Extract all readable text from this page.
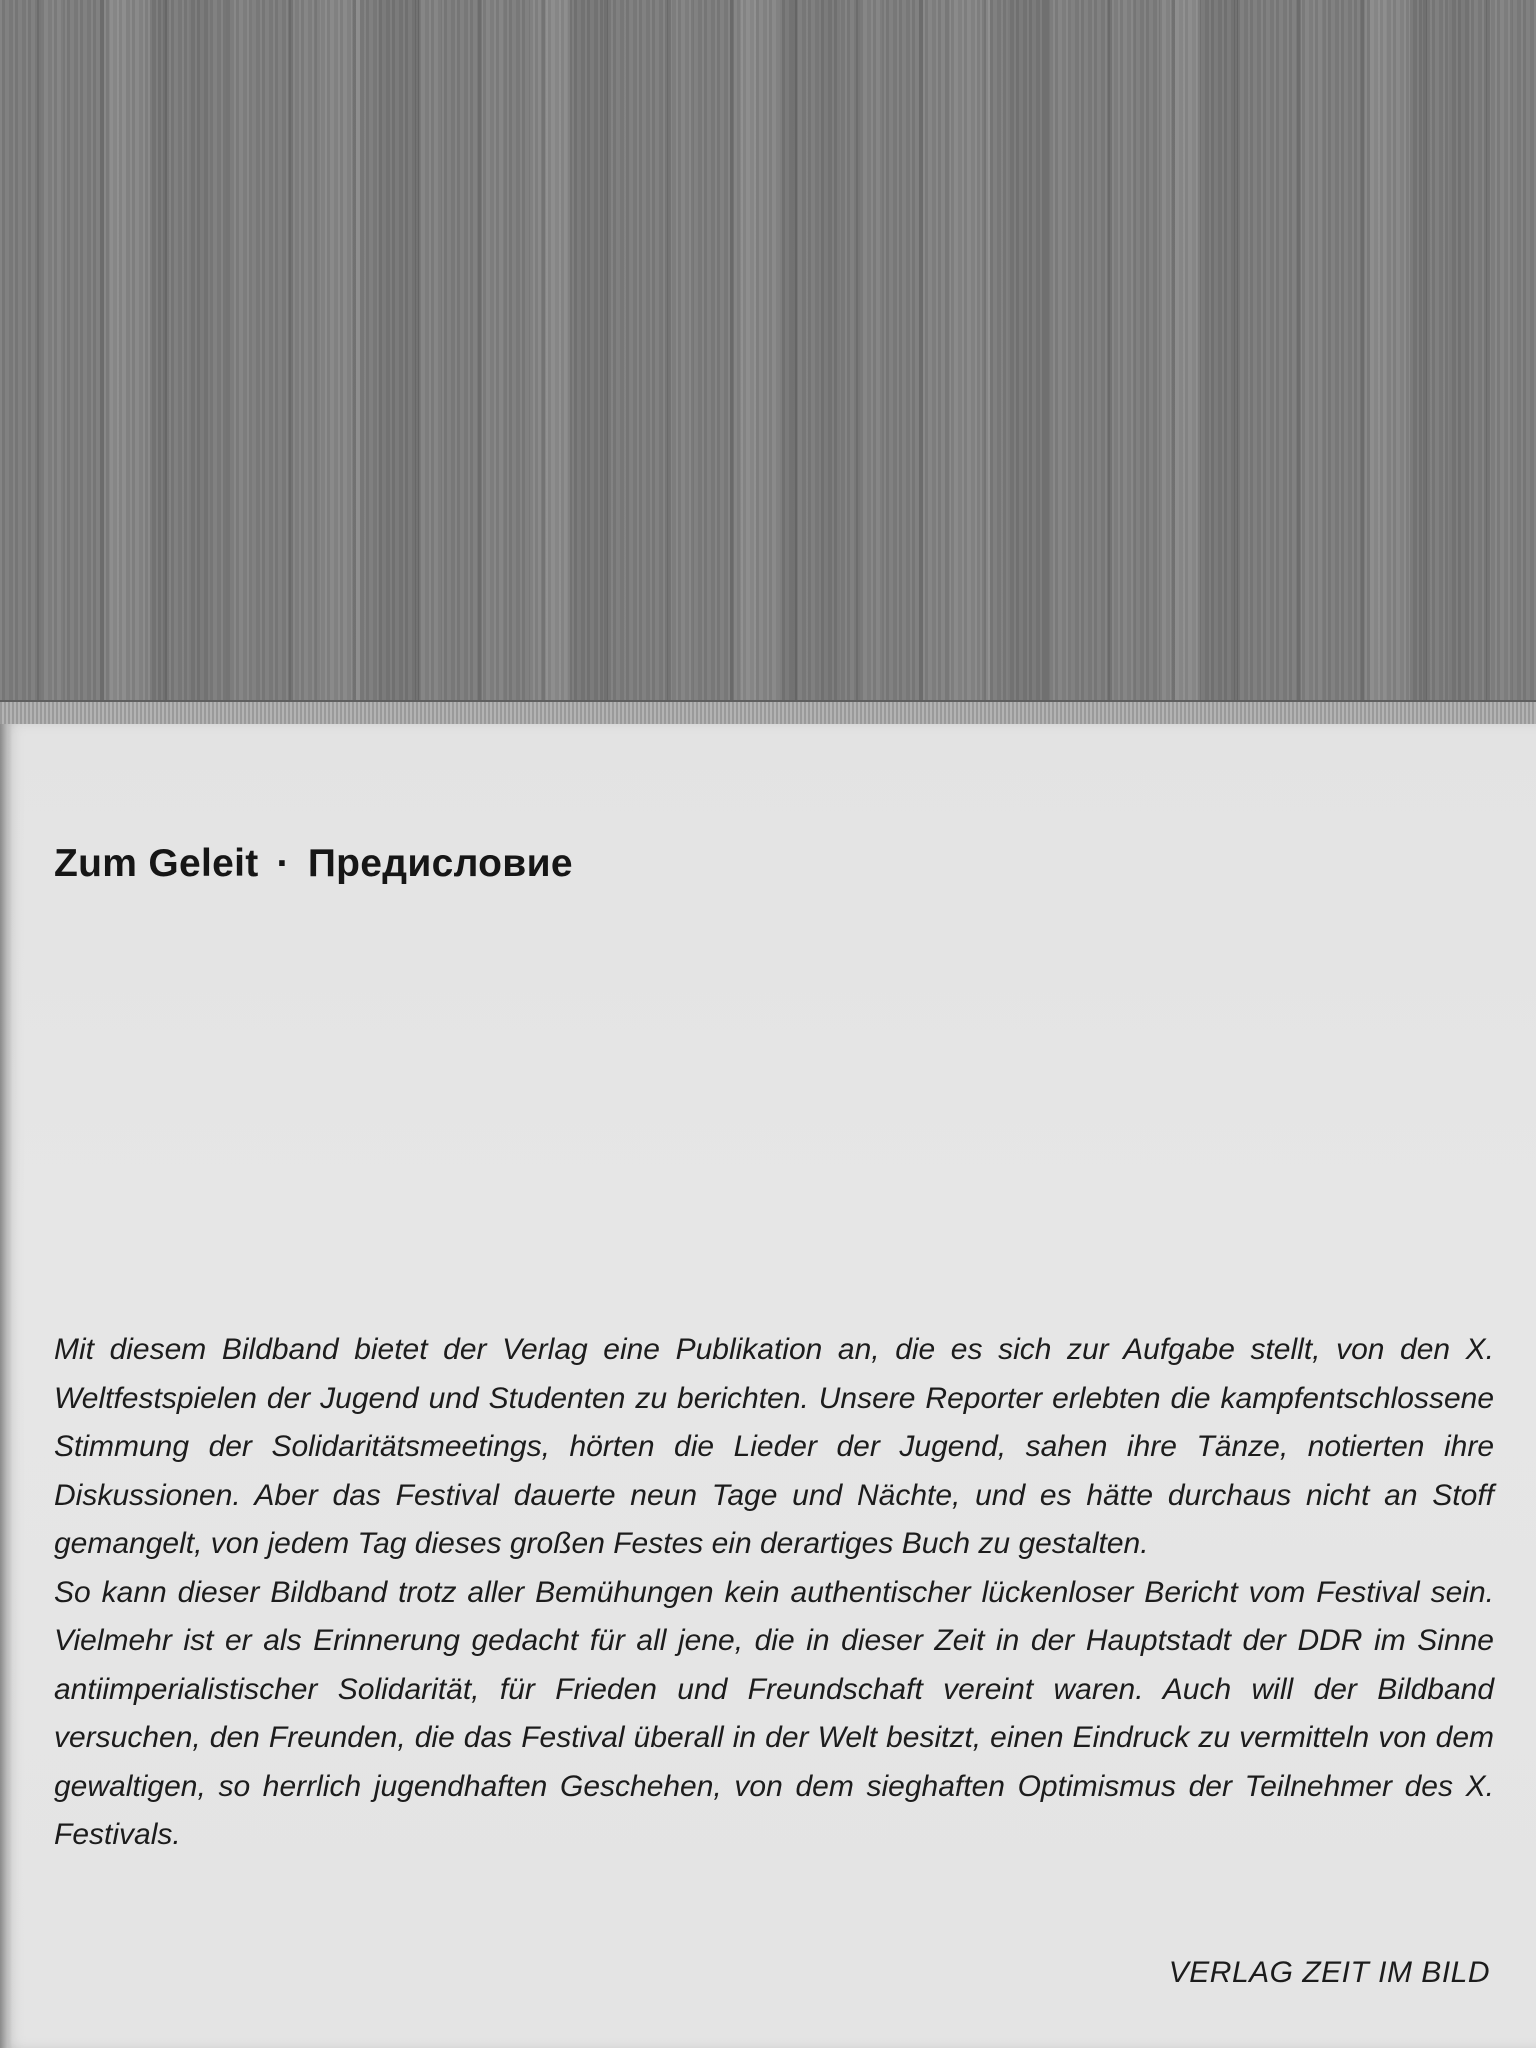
Zum Geleit · Предисловие
Mit diesem Bildband bietet der Verlag eine Publikation an, die es sich zur Aufgabe stellt, von den X. Weltfestspielen der Jugend und Studenten zu berichten. Unsere Reporter erlebten die kampfentschlossene Stimmung der Solidaritätsmeetings, hörten die Lieder der Jugend, sahen ihre Tänze, notierten ihre Diskussionen. Aber das Festival dauerte neun Tage und Nächte, und es hätte durchaus nicht an Stoff gemangelt, von jedem Tag dieses großen Festes ein derartiges Buch zu gestalten.
So kann dieser Bildband trotz aller Bemühungen kein authentischer lückenloser Bericht vom Festival sein. Vielmehr ist er als Erinnerung gedacht für all jene, die in dieser Zeit in der Hauptstadt der DDR im Sinne antiimperialistischer Solidarität, für Frieden und Freundschaft vereint waren. Auch will der Bildband versuchen, den Freunden, die das Festival überall in der Welt besitzt, einen Eindruck zu vermitteln von dem gewaltigen, so herrlich jugendhaften Geschehen, von dem sieghaften Optimismus der Teilnehmer des X. Festivals.

VERLAG ZEIT IM BILD
